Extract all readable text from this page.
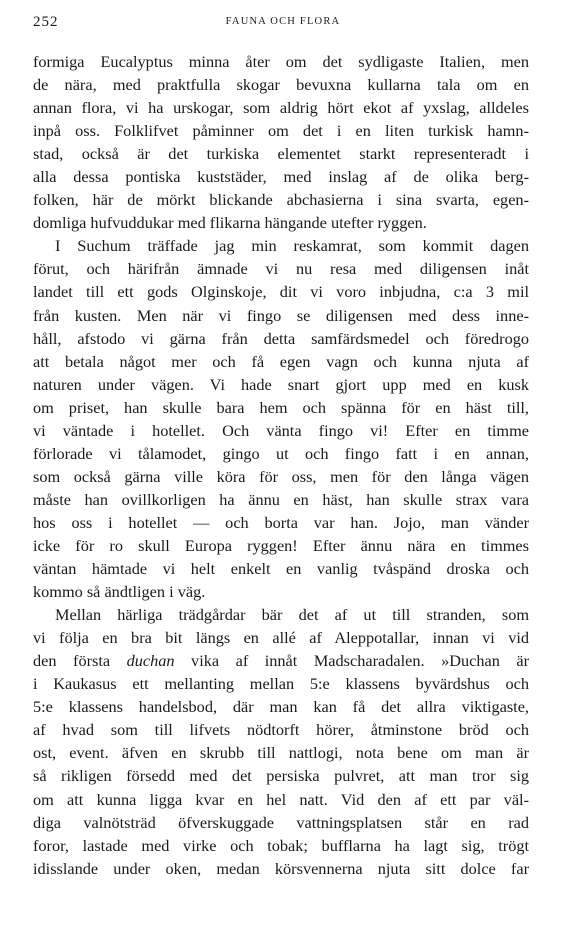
252	FAUNA OCH FLORA
formiga Eucalyptus minna åter om det sydligaste Italien, men
de nära, med praktfulla skogar bevuxna kullarna tala om en
annan flora, vi ha urskogar, som aldrig hört ekot af yxslag, alldeles
inpå oss. Folklifvet påminner om det i en liten turkisk hamn-
stad, också är det turkiska elementet starkt representeradt i
alla dessa pontiska kuststäder, med inslag af de olika berg-
folken, här de mörkt blickande abchasierna i sina svarta, egen-
domliga hufvuddukar med flikarna hängande utefter ryggen.
I Suchum träffade jag min reskamrat, som kommit dagen
förut, och härifrån ämnade vi nu resa med diligensen inåt
landet till ett gods Olginskoje, dit vi voro inbjudna, c:a 3 mil
från kusten. Men när vi fingo se diligensen med dess inne-
håll, afstodo vi gärna från detta samfärdsmedel och föredrogo
att betala något mer och få egen vagn och kunna njuta af
naturen under vägen. Vi hade snart gjort upp med en kusk
om priset, han skulle bara hem och spänna för en häst till,
vi väntade i hotellet. Och vänta fingo vi! Efter en timme
förlorade vi tålamodet, gingo ut och fingo fatt i en annan,
som också gärna ville köra för oss, men för den långa vägen
måste han ovillkorligen ha ännu en häst, han skulle strax vara
hos oss i hotellet — och borta var han. Jojo, man vänder
icke för ro skull Europa ryggen! Efter ännu nära en timmes
väntan hämtade vi helt enkelt en vanlig tvåspänd droska och
kommo så ändtligen i väg.
Mellan härliga trädgårdar bär det af ut till stranden, som
vi följa en bra bit längs en allé af Aleppotallar, innan vi vid
den första duchan vika af innåt Madscharadalen. »Duchan är
i Kaukasus ett mellanting mellan 5:e klassens byvärdshus och
5:e klassens handelsbod, där man kan få det allra viktigaste,
af hvad som till lifvets nödtorft hörer, åtminstone bröd och
ost, event. äfven en skrubb till nattlogi, nota bene om man är
så rikligen försedd med det persiska pulvret, att man tror sig
om att kunna ligga kvar en hel natt. Vid den af ett par väl-
diga valnötsträd öfverskuggade vattningsplatsen står en rad
foror, lastade med virke och tobak; bufflarna ha lagt sig, trögt
idisslande under oken, medan körsvennerna njuta sitt dolce far
